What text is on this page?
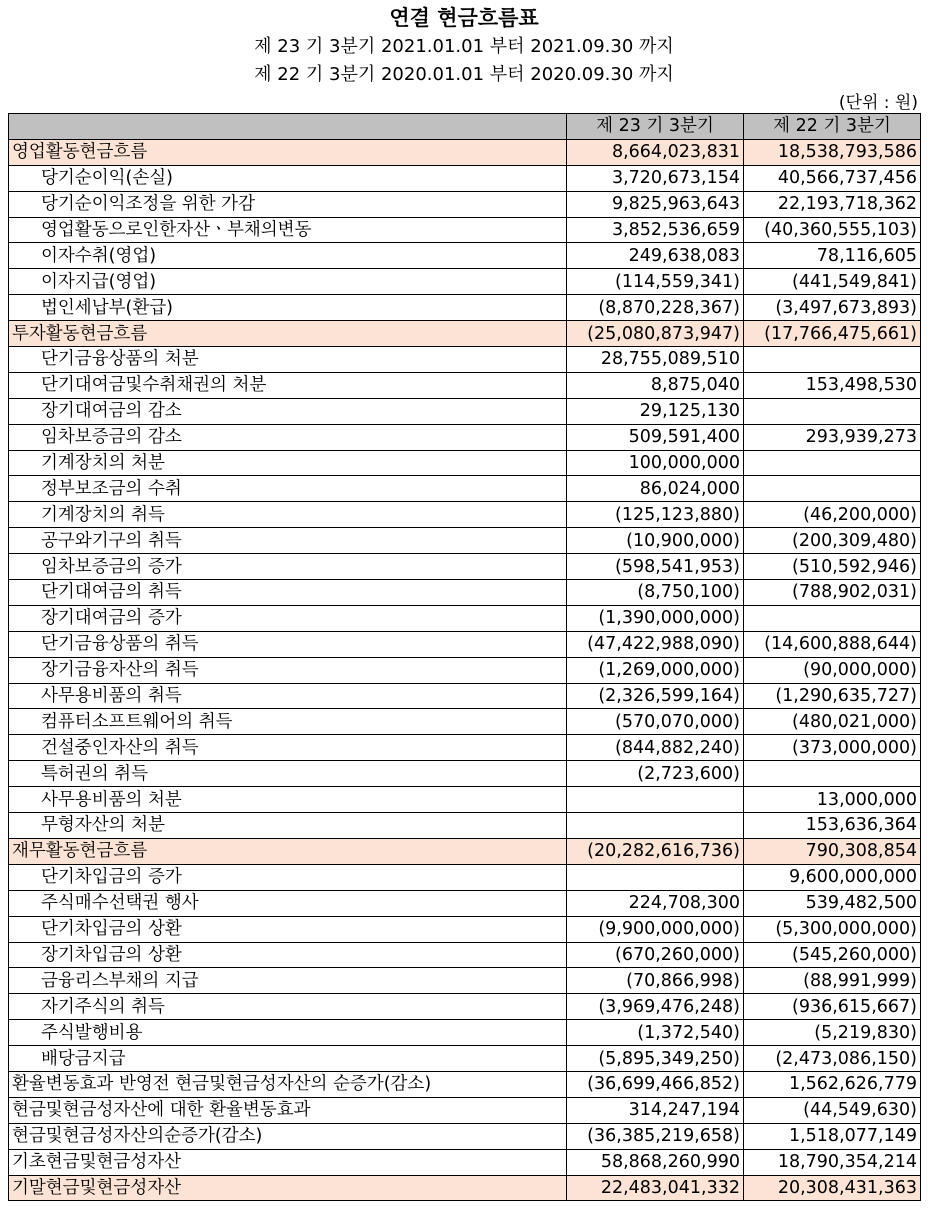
연결 현금흐름표
제 23 기 3분기 2021.01.01 부터 2021.09.30 까지
제 22 기 3분기 2020.01.01 부터 2020.09.30 까지
(단위 : 원)
	제 23 기 3분기	제 22 기 3분기
영업활동현금흐름	8,664,023,831	18,538,793,586
당기순이익(손실)	3,720,673,154	40,566,737,456
당기순이익조정을 위한 가감	9,825,963,643	22,193,718,362
영업활동으로인한자산ㆍ부채의변동	3,852,536,659	(40,360,555,103)
이자수취(영업)	249,638,083	78,116,605
이자지급(영업)	(114,559,341)	(441,549,841)
법인세납부(환급)	(8,870,228,367)	(3,497,673,893)
투자활동현금흐름	(25,080,873,947)	(17,766,475,661)
단기금융상품의 처분	28,755,089,510	
단기대여금및수취채권의 처분	8,875,040	153,498,530
장기대여금의 감소	29,125,130	
임차보증금의 감소	509,591,400	293,939,273
기계장치의 처분	100,000,000	
정부보조금의 수취	86,024,000	
기계장치의 취득	(125,123,880)	(46,200,000)
공구와기구의 취득	(10,900,000)	(200,309,480)
임차보증금의 증가	(598,541,953)	(510,592,946)
단기대여금의 취득	(8,750,100)	(788,902,031)
장기대여금의 증가	(1,390,000,000)	
단기금융상품의 취득	(47,422,988,090)	(14,600,888,644)
장기금융자산의 취득	(1,269,000,000)	(90,000,000)
사무용비품의 취득	(2,326,599,164)	(1,290,635,727)
컴퓨터소프트웨어의 취득	(570,070,000)	(480,021,000)
건설중인자산의 취득	(844,882,240)	(373,000,000)
특허권의 취득	(2,723,600)	
사무용비품의 처분		13,000,000
무형자산의 처분		153,636,364
재무활동현금흐름	(20,282,616,736)	790,308,854
단기차입금의 증가		9,600,000,000
주식매수선택권 행사	224,708,300	539,482,500
단기차입금의 상환	(9,900,000,000)	(5,300,000,000)
장기차입금의 상환	(670,260,000)	(545,260,000)
금융리스부채의 지급	(70,866,998)	(88,991,999)
자기주식의 취득	(3,969,476,248)	(936,615,667)
주식발행비용	(1,372,540)	(5,219,830)
배당금지급	(5,895,349,250)	(2,473,086,150)
환율변동효과 반영전 현금및현금성자산의 순증가(감소)	(36,699,466,852)	1,562,626,779
현금및현금성자산에 대한 환율변동효과	314,247,194	(44,549,630)
현금및현금성자산의순증가(감소)	(36,385,219,658)	1,518,077,149
기초현금및현금성자산	58,868,260,990	18,790,354,214
기말현금및현금성자산	22,483,041,332	20,308,431,363
